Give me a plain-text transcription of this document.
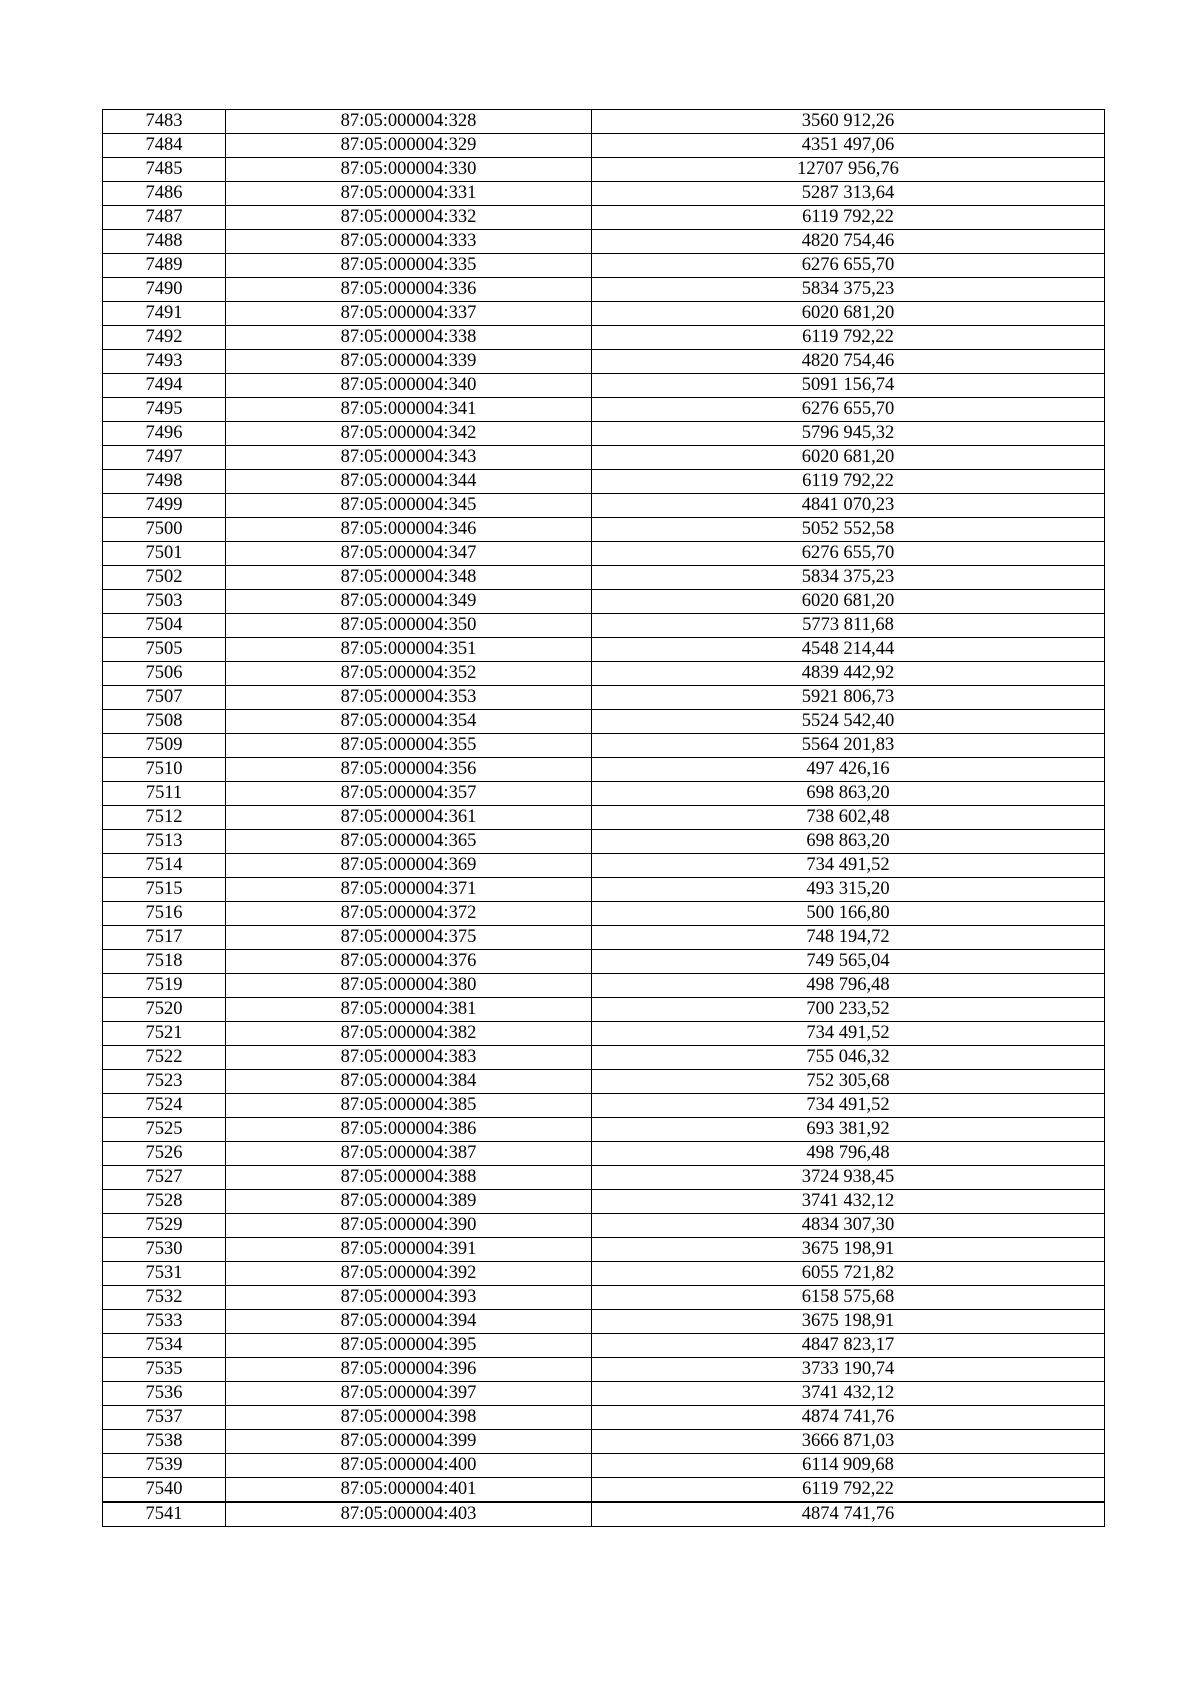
7483	87:05:000004:328	3560 912,26
7484	87:05:000004:329	4351 497,06
7485	87:05:000004:330	12707 956,76
7486	87:05:000004:331	5287 313,64
7487	87:05:000004:332	6119 792,22
7488	87:05:000004:333	4820 754,46
7489	87:05:000004:335	6276 655,70
7490	87:05:000004:336	5834 375,23
7491	87:05:000004:337	6020 681,20
7492	87:05:000004:338	6119 792,22
7493	87:05:000004:339	4820 754,46
7494	87:05:000004:340	5091 156,74
7495	87:05:000004:341	6276 655,70
7496	87:05:000004:342	5796 945,32
7497	87:05:000004:343	6020 681,20
7498	87:05:000004:344	6119 792,22
7499	87:05:000004:345	4841 070,23
7500	87:05:000004:346	5052 552,58
7501	87:05:000004:347	6276 655,70
7502	87:05:000004:348	5834 375,23
7503	87:05:000004:349	6020 681,20
7504	87:05:000004:350	5773 811,68
7505	87:05:000004:351	4548 214,44
7506	87:05:000004:352	4839 442,92
7507	87:05:000004:353	5921 806,73
7508	87:05:000004:354	5524 542,40
7509	87:05:000004:355	5564 201,83
7510	87:05:000004:356	497 426,16
7511	87:05:000004:357	698 863,20
7512	87:05:000004:361	738 602,48
7513	87:05:000004:365	698 863,20
7514	87:05:000004:369	734 491,52
7515	87:05:000004:371	493 315,20
7516	87:05:000004:372	500 166,80
7517	87:05:000004:375	748 194,72
7518	87:05:000004:376	749 565,04
7519	87:05:000004:380	498 796,48
7520	87:05:000004:381	700 233,52
7521	87:05:000004:382	734 491,52
7522	87:05:000004:383	755 046,32
7523	87:05:000004:384	752 305,68
7524	87:05:000004:385	734 491,52
7525	87:05:000004:386	693 381,92
7526	87:05:000004:387	498 796,48
7527	87:05:000004:388	3724 938,45
7528	87:05:000004:389	3741 432,12
7529	87:05:000004:390	4834 307,30
7530	87:05:000004:391	3675 198,91
7531	87:05:000004:392	6055 721,82
7532	87:05:000004:393	6158 575,68
7533	87:05:000004:394	3675 198,91
7534	87:05:000004:395	4847 823,17
7535	87:05:000004:396	3733 190,74
7536	87:05:000004:397	3741 432,12
7537	87:05:000004:398	4874 741,76
7538	87:05:000004:399	3666 871,03
7539	87:05:000004:400	6114 909,68
7540	87:05:000004:401	6119 792,22
7541	87:05:000004:403	4874 741,76
